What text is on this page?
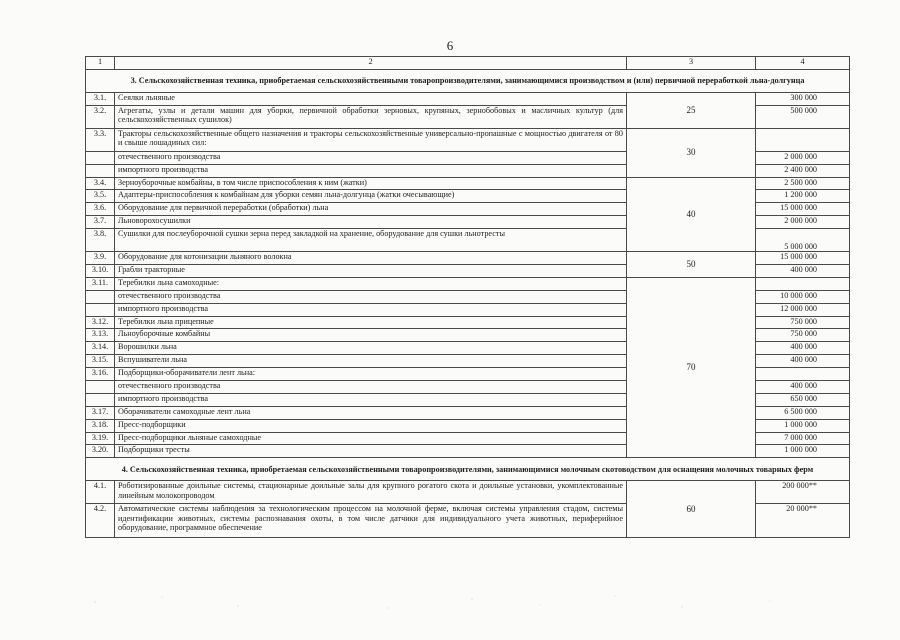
6
1	2	3	4
3. Сельскохозяйственная техника, приобретаемая сельскохозяйственными товаропроизводителями, занимающимися производством и (или) первичной переработкой льна-долгунца			
3.1.	Сеялки льняные	25	300 000
3.2.	Агрегаты, узлы и детали машин для уборки, первичной обработки зерновых, крупяных, зернобобовых и масличных культур (для сельскохозяйственных сушилок)		500 000
3.3.	Тракторы сельскохозяйственные общего назначения и тракторы сельскохозяйственные универсально-пропашные с мощностью двигателя от 80 и свыше лошадиных сил:	30	
	отечественного производства		2 000 000
	импортного производства		2 400 000
3.4.	Зерноуборочные комбайны, в том числе приспособления к ним (жатки)	40	2 500 000
3.5.	Адаптеры-приспособления к комбайнам для уборки семян льна-долгунца (жатки очесывающие)		1 200 000
3.6.	Оборудование для первичной переработки (обработки) льна		15 000 000
3.7.	Льноворохосушилки		2 000 000
3.8.	Сушилки для послеуборочной сушки зерна перед закладкой на хранение, оборудование для сушки льнотресты		5 000 000
3.9.	Оборудование для котонизации льняного волокна	50	15 000 000
3.10.	Грабли тракторные		400 000
3.11.	Теребилки льна самоходные:	70	
	отечественного производства		10 000 000
	импортного производства		12 000 000
3.12.	Теребилки льна прицепные		750 000
3.13.	Льноуборочные комбайны		750 000
3.14.	Ворошилки льна		400 000
3.15.	Вспушиватели льна		400 000
3.16.	Подборщики-оборачиватели лент льна:		
	отечественного производства		400 000
	импортного производства		650 000
3.17.	Оборачиватели самоходные лент льна		6 500 000
3.18.	Пресс-подборщики		1 000 000
3.19.	Пресс-подборщики льняные самоходные		7 000 000
3.20.	Подборщики тресты		1 000 000
4. Сельскохозяйственная техника, приобретаемая сельскохозяйственными товаропроизводителями, занимающимися молочным скотоводством для оснащения молочных товарных ферм			
4.1.	Роботизированные доильные системы, стационарные доильные залы для крупного рогатого скота и доильные установки, укомплектованные линейным молокопроводом	60	200 000**
4.2.	Автоматические системы наблюдения за технологическим процессом на молочной ферме, включая системы управления стадом, системы идентификации животных, системы распознавания охоты, в том числе датчики для индивидуального учета животных, периферийное оборудование, программное обеспечение		20 000**
